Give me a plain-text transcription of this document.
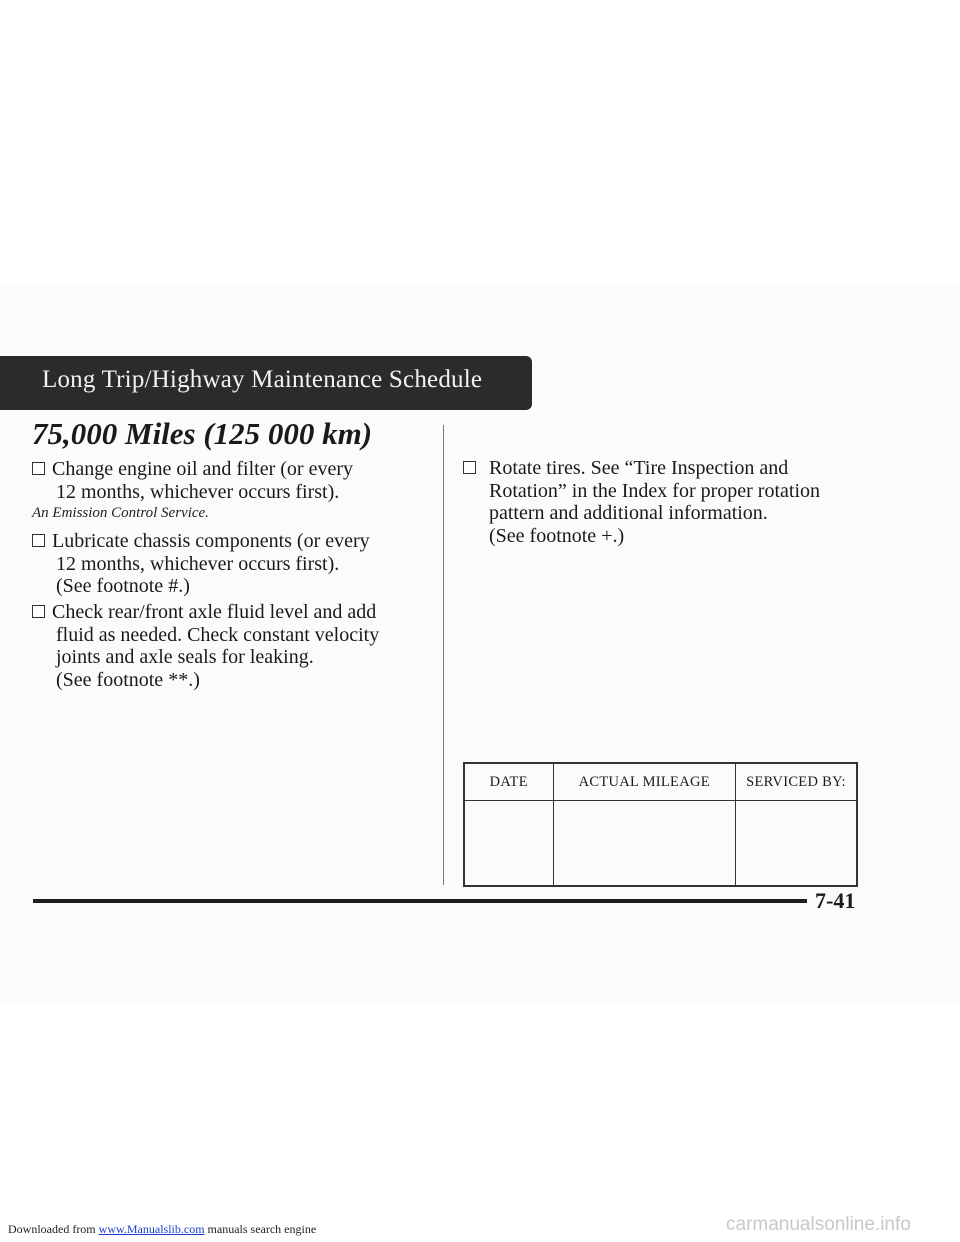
Long Trip/Highway Maintenance Schedule
75,000 Miles (125 000 km)
Change engine oil and filter (or every
12 months, whichever occurs first).
An Emission Control Service.
Lubricate chassis components (or every
12 months, whichever occurs first).
(See footnote #.)
Check rear/front axle fluid level and add
fluid as needed. Check constant velocity
joints and axle seals for leaking.
(See footnote **.)
Rotate tires. See “Tire Inspection and
Rotation” in the Index for proper rotation
pattern and additional information.
(See footnote +.)
DATE	ACTUAL MILEAGE	SERVICED BY:

7-41
Downloaded from www.Manualslib.com manuals search engine	carmanualsonline.info
